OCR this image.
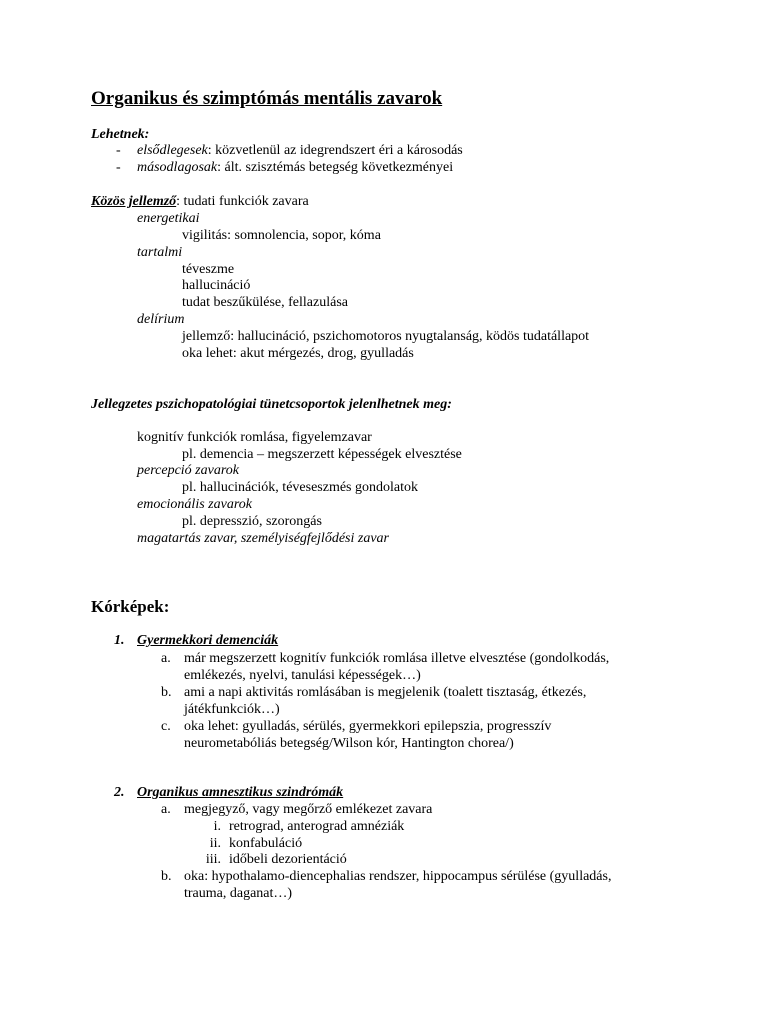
Organikus és szimptómás mentális zavarok
Lehetnek:
- elsődlegesek: közvetlenül az idegrendszert éri a károsodás
- másodlagosak: ált. szisztémás betegség következményei
Közös jellemző: tudati funkciók zavara
energetikai
vigilitás: somnolencia, sopor, kóma
tartalmi
téveszme
hallucináció
tudat beszűkülése, fellazulása
delírium
jellemző: hallucináció, pszichomotoros nyugtalanság, ködös tudatállapot
oka lehet: akut mérgezés, drog, gyulladás
Jellegzetes pszichopatológiai tünetcsoportok jelenlhetnek meg:
kognitív funkciók romlása, figyelemzavar
pl. demencia – megszerzett képességek elvesztése
percepció zavarok
pl. hallucinációk, téveseszmés gondolatok
emocionális zavarok
pl. depresszió, szorongás
magatartás zavar, személyiségfejlődési zavar
Kórképek:
1. Gyermekkori demenciák
a. már megszerzett kognitív funkciók romlása illetve elvesztése (gondolkodás,
emlékezés, nyelvi, tanulási képességek…)
b. ami a napi aktivitás romlásában is megjelenik (toalett tisztaság, étkezés,
játékfunkciók…)
c. oka lehet: gyulladás, sérülés, gyermekkori epilepszia, progresszív
neurometabóliás betegség/Wilson kór, Hantington chorea/)
2. Organikus amnesztikus szindrómák
a. megjegyző, vagy megőrző emlékezet zavara
i. retrograd, anterograd amnéziák
ii. konfabuláció
iii. időbeli dezorientáció
b. oka: hypothalamo-diencephalias rendszer, hippocampus sérülése (gyulladás,
trauma, daganat…)
